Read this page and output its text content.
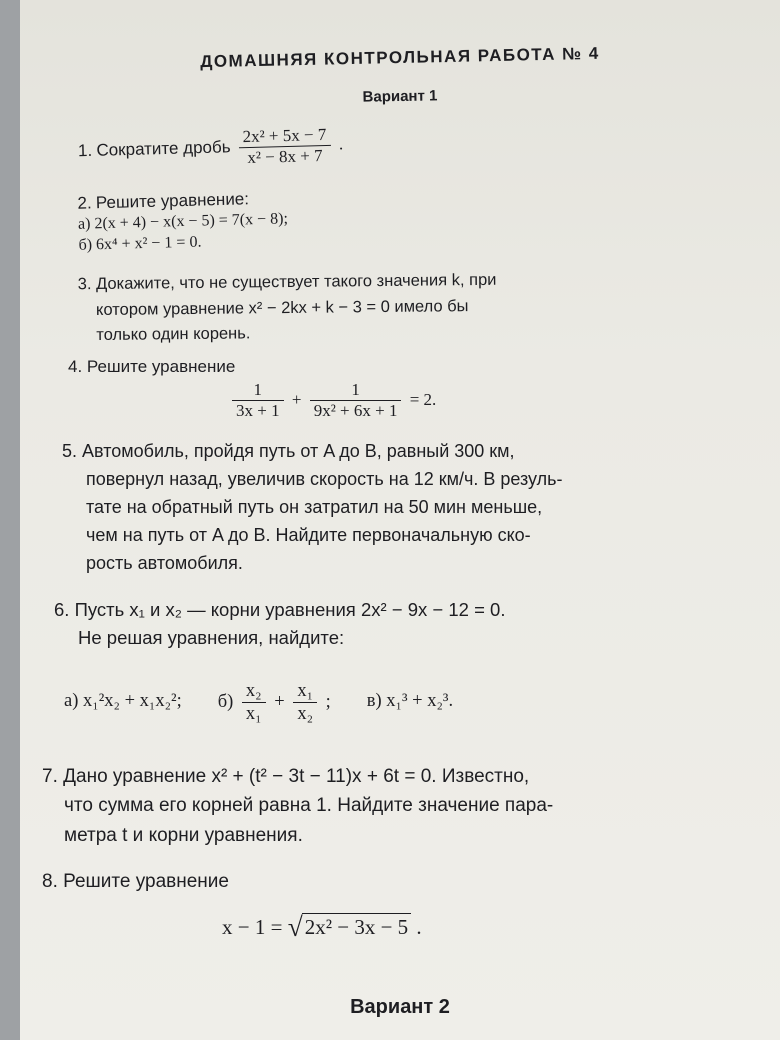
ДОМАШНЯЯ КОНТРОЛЬНАЯ РАБОТА № 4
Вариант 1
1. Сократите дробь $\frac{\text{2x² + 5x − 7}}{\text{x² − 8x + 7}}$ .
2. Решите уравнение:
а) 2(x + 4) − x(x − 5) = 7(x − 8);
б) 6x⁴ + x² − 1 = 0.
3. Докажите, что не существует такого значения k, при
котором уравнение x² − 2kx + k − 3 = 0 имело бы
только один корень.
4. Решите уравнение
$\frac{1}{3x + 1} + \frac{1}{\text{9x² + 6x + 1}} = 2$.
5. Автомобиль, пройдя путь от A до B, равный 300 км,
повернул назад, увеличив скорость на 12 км/ч. В резуль-
тате на обратный путь он затратил на 50 мин меньше,
чем на путь от A до B. Найдите первоначальную ско-
рость автомобиля.
6. Пусть x₁ и x₂ — корни уравнения 2x² − 9x − 12 = 0.
Не решая уравнения, найдите:
а) x₁²x₂ + x₁x₂²; $б) \frac{\text{x₂}}{\text{x₁}} + \frac{\text{x₁}}{\text{x₂}}$ ; в) x₁³ + x₂³.
7. Дано уравнение x² + (t² − 3t − 11)x + 6t = 0. Известно,
что сумма его корней равна 1. Найдите значение пара-
метра t и корни уравнения.
8. Решите уравнение
x − 1 = √ 2x² − 3x − 5 .
Вариант 2
